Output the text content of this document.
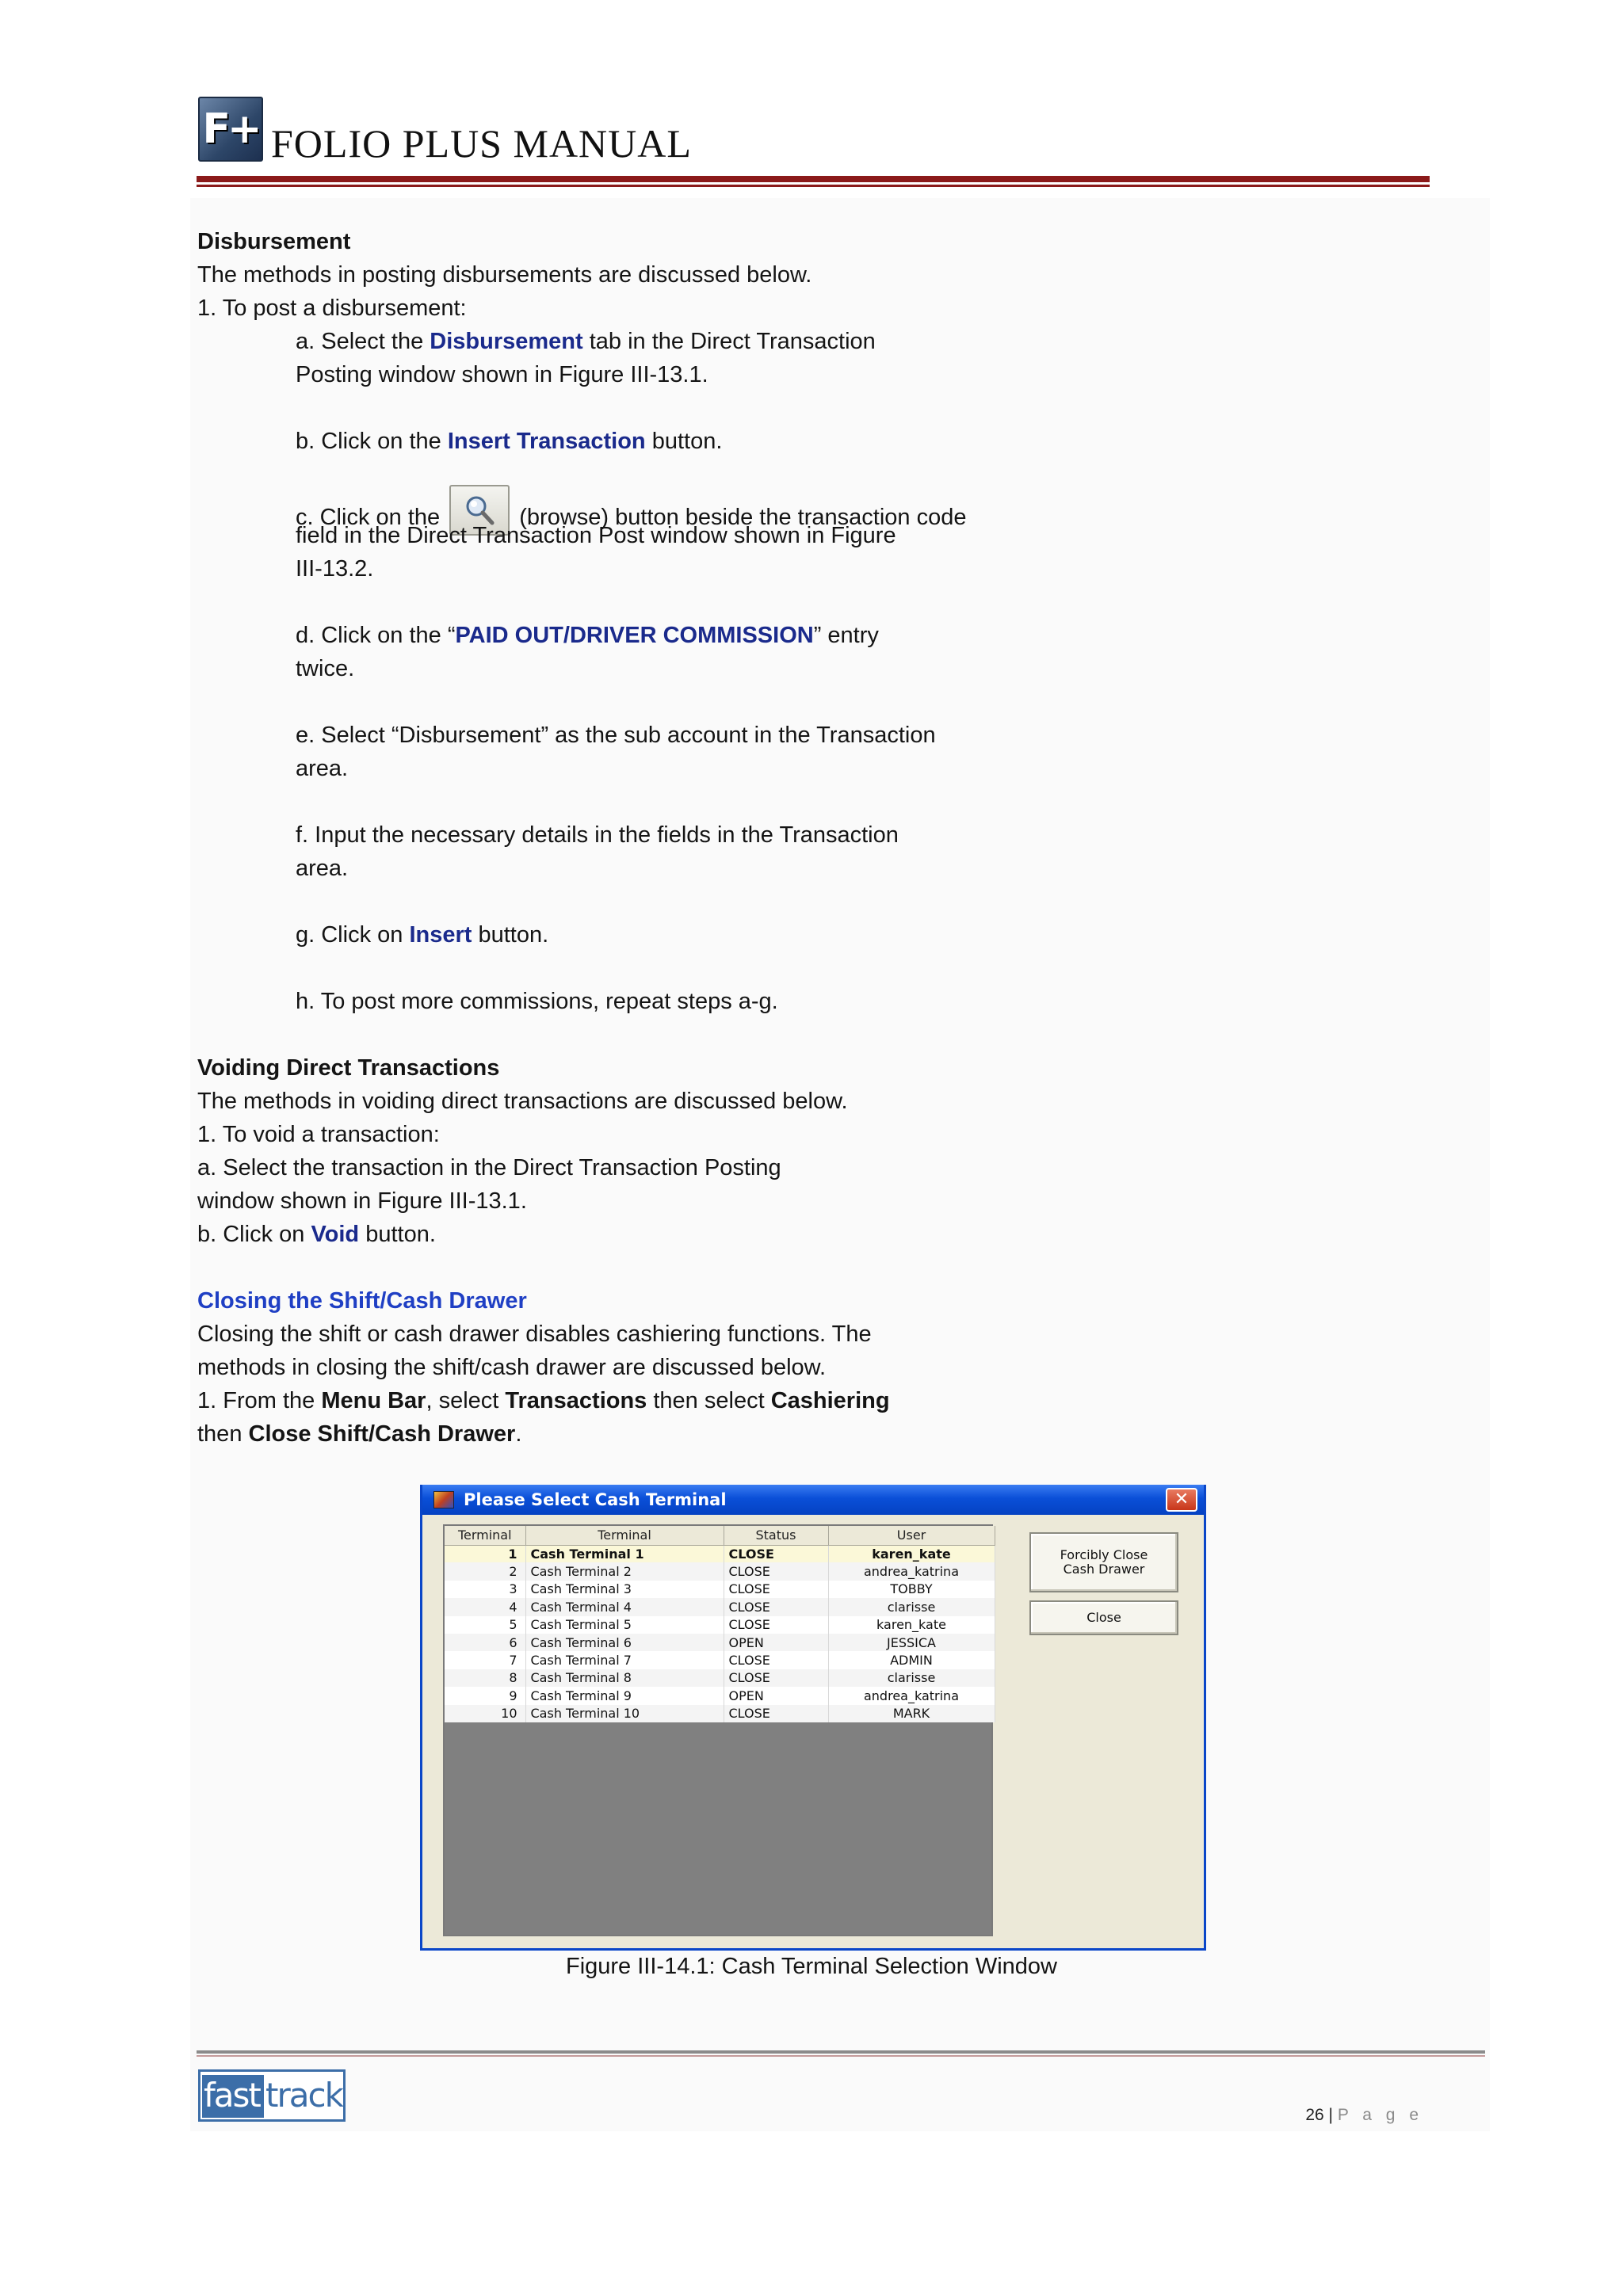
F+ FOLIO PLUS MANUAL
Disbursement
The methods in posting disbursements are discussed below.
1. To post a disbursement:
a. Select the Disbursement tab in the Direct Transaction
Posting window shown in Figure III-13.1.
b. Click on the Insert Transaction button.
c. Click on the	(browse) button beside the transaction code
field in the Direct Transaction Post window shown in Figure
III-13.2.
d. Click on the “PAID OUT/DRIVER COMMISSION” entry
twice.
e. Select “Disbursement” as the sub account in the Transaction
area.
f. Input the necessary details in the fields in the Transaction
area.
g. Click on Insert button.
h. To post more commissions, repeat steps a-g.
Voiding Direct Transactions
The methods in voiding direct transactions are discussed below.
1. To void a transaction:
a. Select the transaction in the Direct Transaction Posting
window shown in Figure III-13.1.
b. Click on Void button.
Closing the Shift/Cash Drawer
Closing the shift or cash drawer disables cashiering functions. The
methods in closing the shift/cash drawer are discussed below.
1. From the Menu Bar, select Transactions then select Cashiering
then Close Shift/Cash Drawer.
Please Select Cash Terminal	✕
Terminal	Terminal	Status	User
1	Cash Terminal 1	CLOSE	karen_kate
2	Cash Terminal 2	CLOSE	andrea_katrina
3	Cash Terminal 3	CLOSE	TOBBY
4	Cash Terminal 4	CLOSE	clarisse
5	Cash Terminal 5	CLOSE	karen_kate
6	Cash Terminal 6	OPEN	JESSICA
7	Cash Terminal 7	CLOSE	ADMIN
8	Cash Terminal 8	CLOSE	clarisse
9	Cash Terminal 9	OPEN	andrea_katrina
10	Cash Terminal 10	CLOSE	MARK
Forcibly Close
Cash Drawer
Close
Figure III-14.1: Cash Terminal Selection Window
fast track
26 | P a g e
